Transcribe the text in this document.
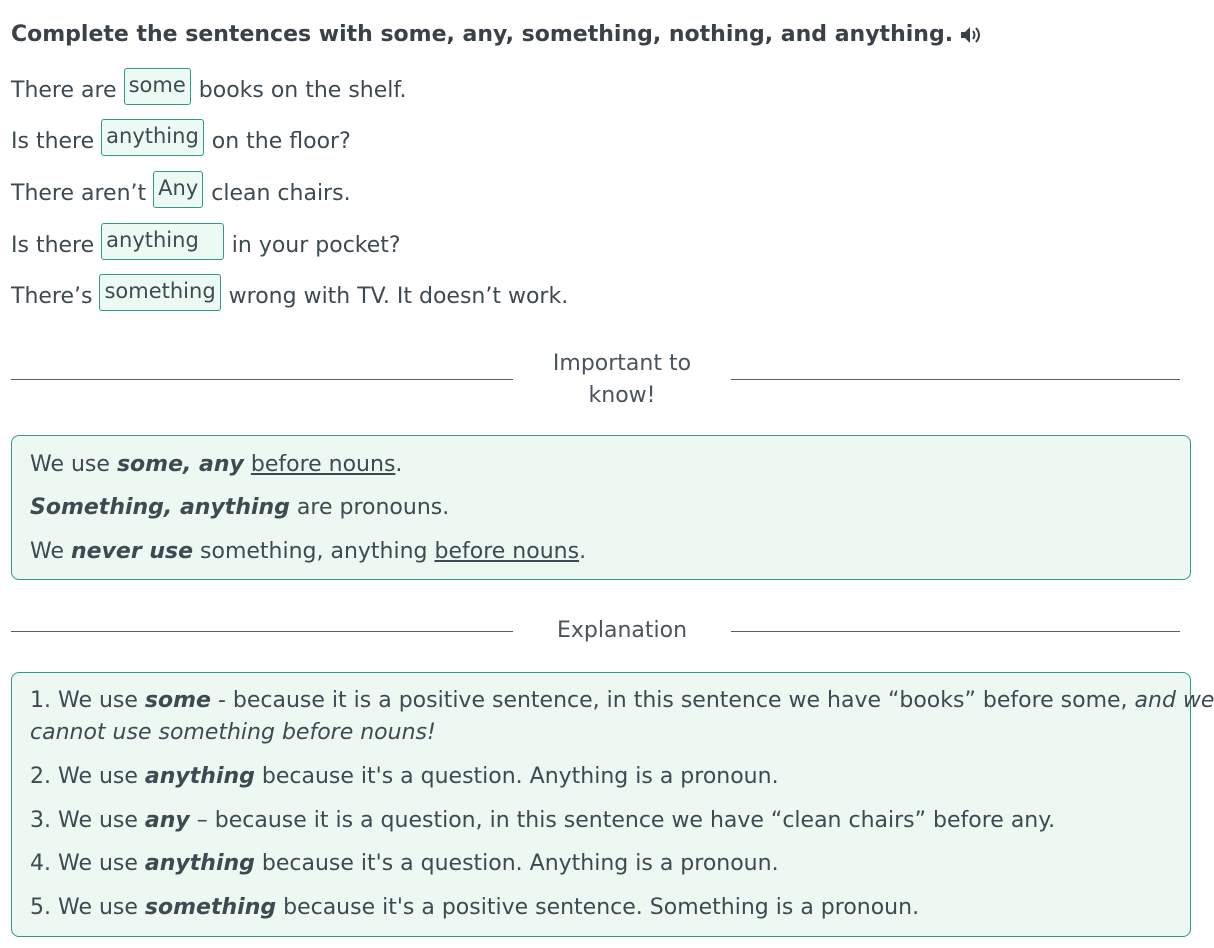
Complete the sentences with some, any, something, nothing, and anything.
There are some books on the shelf.
Is there anything on the floor?
There aren’t Any clean chairs.
Is there anything	in your pocket?
There’s something wrong with TV. It doesn’t work.
Important to
know!

We use some, any before nouns.

Something, anything are pronouns.

We never use something, anything before nouns.

Explanation

1. We use some - because it is a positive sentence, in this sentence we have “books” before some, and we

cannot use something before nouns!

2. We use anything because it's a question. Anything is a pronoun.

3. We use any – because it is a question, in this sentence we have “clean chairs” before any.

4. We use anything because it's a question. Anything is a pronoun.

5. We use something because it's a positive sentence. Something is a pronoun.
